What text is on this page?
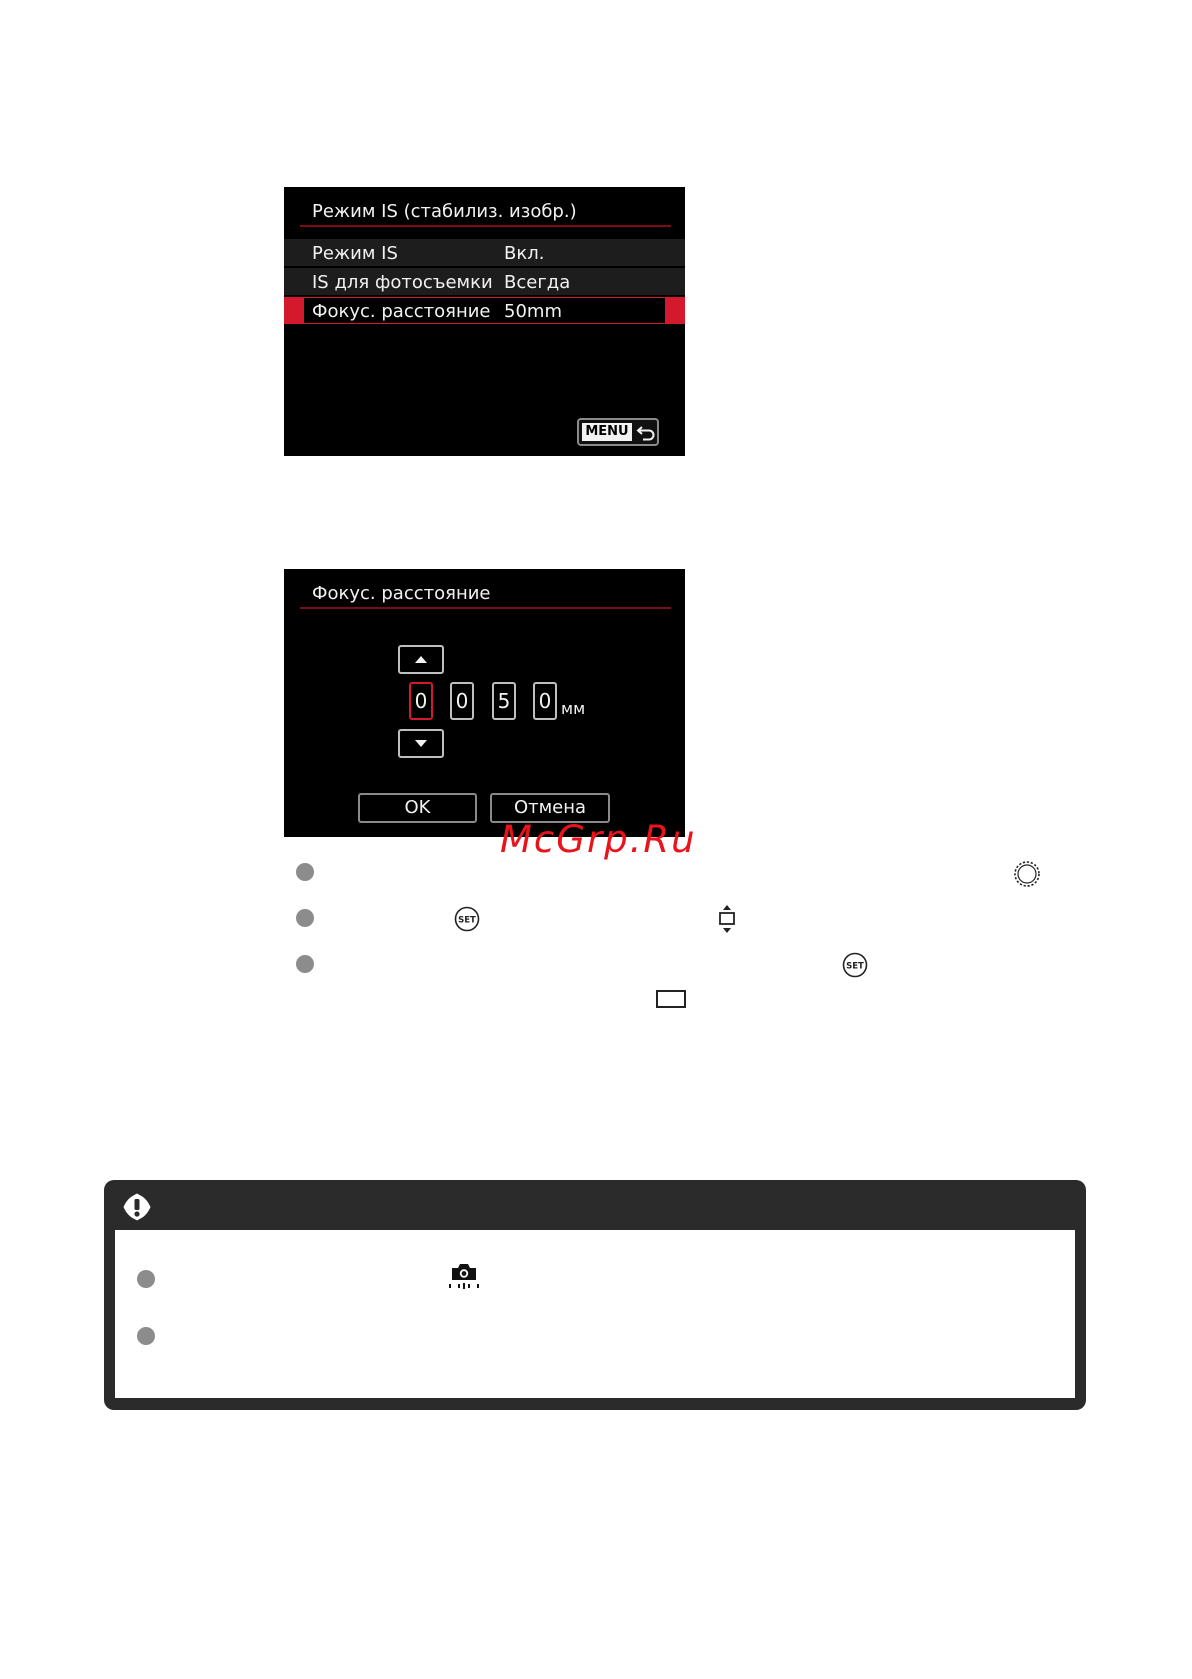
Режим IS (стабилиз. изобр.)
Режим IS	Вкл.
IS для фотосъемки Всегда
Фокус. расстояние 50mm
MENU
Фокус. расстояние
0 0 5 0 мм
OK	Отмена
McGrp.Ru
SET
SET
